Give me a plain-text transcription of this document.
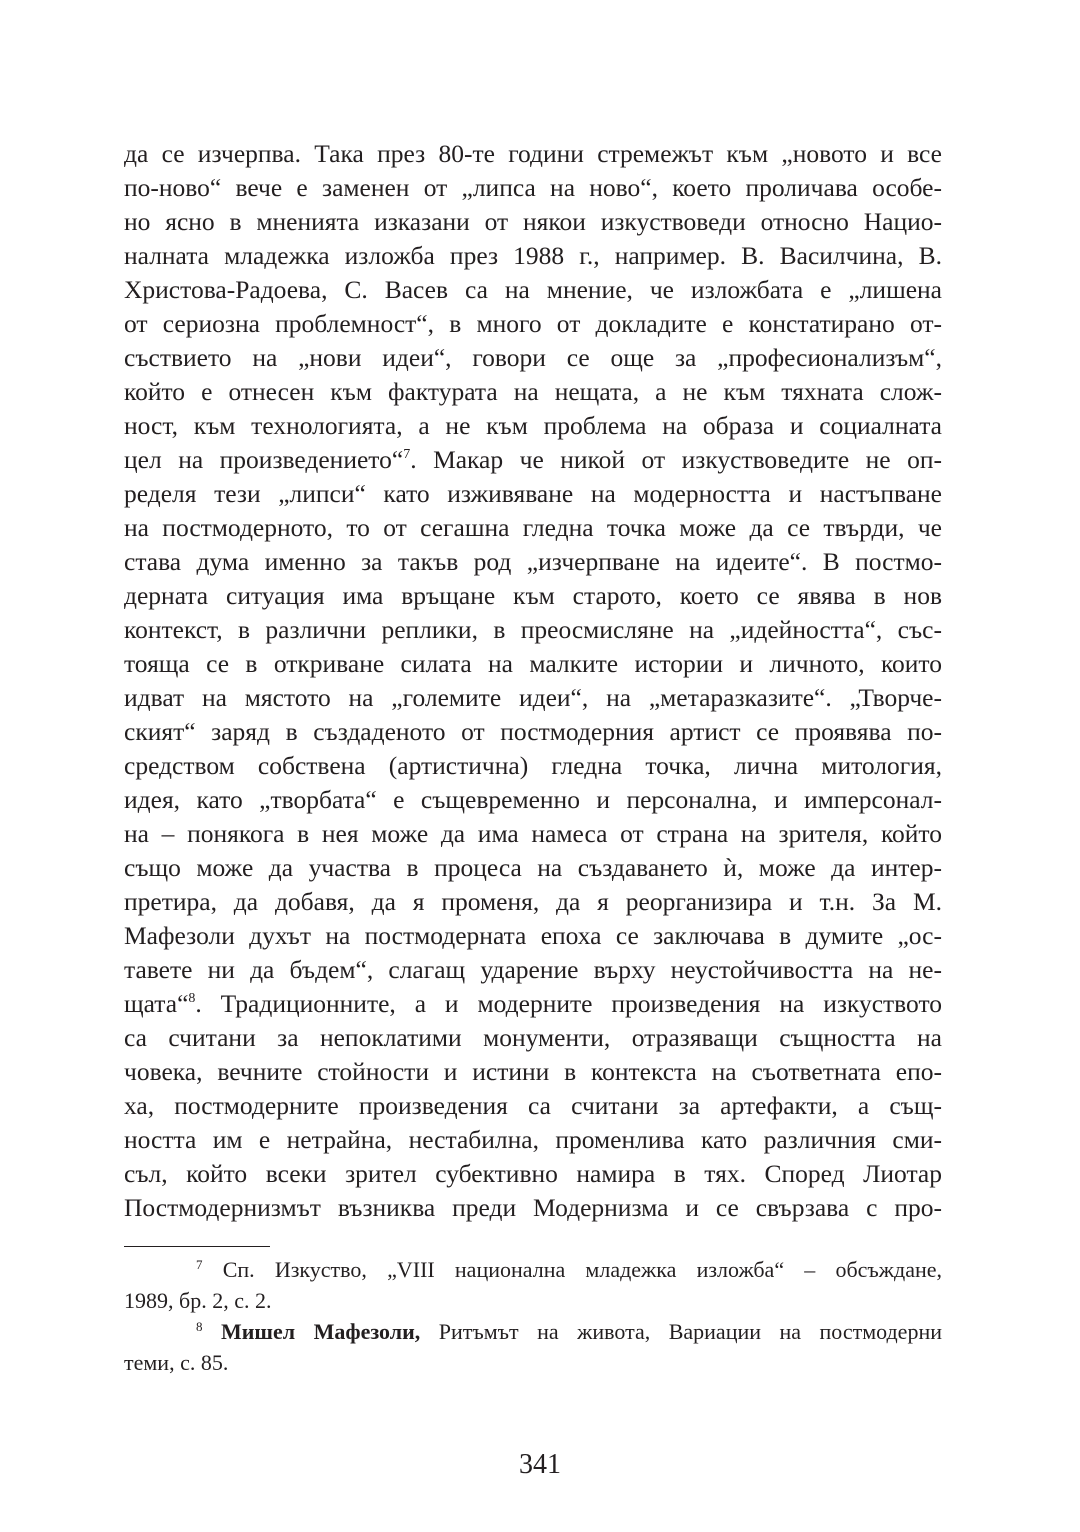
да се изчерпва. Така през 80-те години стремежът към „новото и все
по-ново“ вече е заменен от „липса на ново“, което проличава особе-
но ясно в мненията изказани от някои изкуствоведи относно Нацио-
налната младежка изложба през 1988 г., например. В. Василчина, В.
Христова-Радоева, С. Васев са на мнение, че изложбата е „лишена
от сериозна проблемност“, в много от докладите е констатирано от-
съствието на „нови идеи“, говори се още за „професионализъм“,
който е отнесен към фактурата на нещата, а не към тяхната слож-
ност, към технологията, а не към проблема на образа и социалната
цел на произведението“$^7$. Макар че никой от изкуствоведите не оп-
ределя тези „липси“ като изживяване на модерността и настъпване
на постмодерното, то от сегашна гледна точка може да се твърди, че
става дума именно за такъв род „изчерпване на идеите“. В постмо-
дерната ситуация има връщане към старото, което се явява в нов
контекст, в различни реплики, в преосмисляне на „идейността“, със-
тояща се в откриване силата на малките истории и личното, които
идват на мястото на „големите идеи“, на „метаразказите“. „Творче-
ският“ заряд в създаденото от постмодерния артист се проявява по-
средством собствена (артистична) гледна точка, лична митология,
идея, като „творбата“ е същевременно и персонална, и имперсонал-
на – понякога в нея може да има намеса от страна на зрителя, който
също може да участва в процеса на създаването ѝ, може да интер-
претира, да добавя, да я променя, да я реорганизира и т.н. За М.
Мафезоли духът на постмодерната епоха се заключава в думите „ос-
тавете ни да бъдем“, слагащ ударение върху неустойчивостта на не-
щата“$^8$. Традиционните, а и модерните произведения на изкуството
са считани за непоклатими монументи, отразяващи същността на
човека, вечните стойности и истини в контекста на съответната епо-
ха, постмодерните произведения са считани за артефакти, а същ-
ността им е нетрайна, нестабилна, променлива като различния сми-
съл, който всеки зрител субективно намира в тях. Според Лиотар
Постмодернизмът възниква преди Модернизма и се свързава с про-
$^7$ Сп. Изкуство, „VIII национална младежка изложба“ – обсъждане,
1989, бр. 2, с. 2.
$^8$ Мишел Мафезоли, Ритъмът на живота, Вариации на постмодерни
теми, с. 85.
341
